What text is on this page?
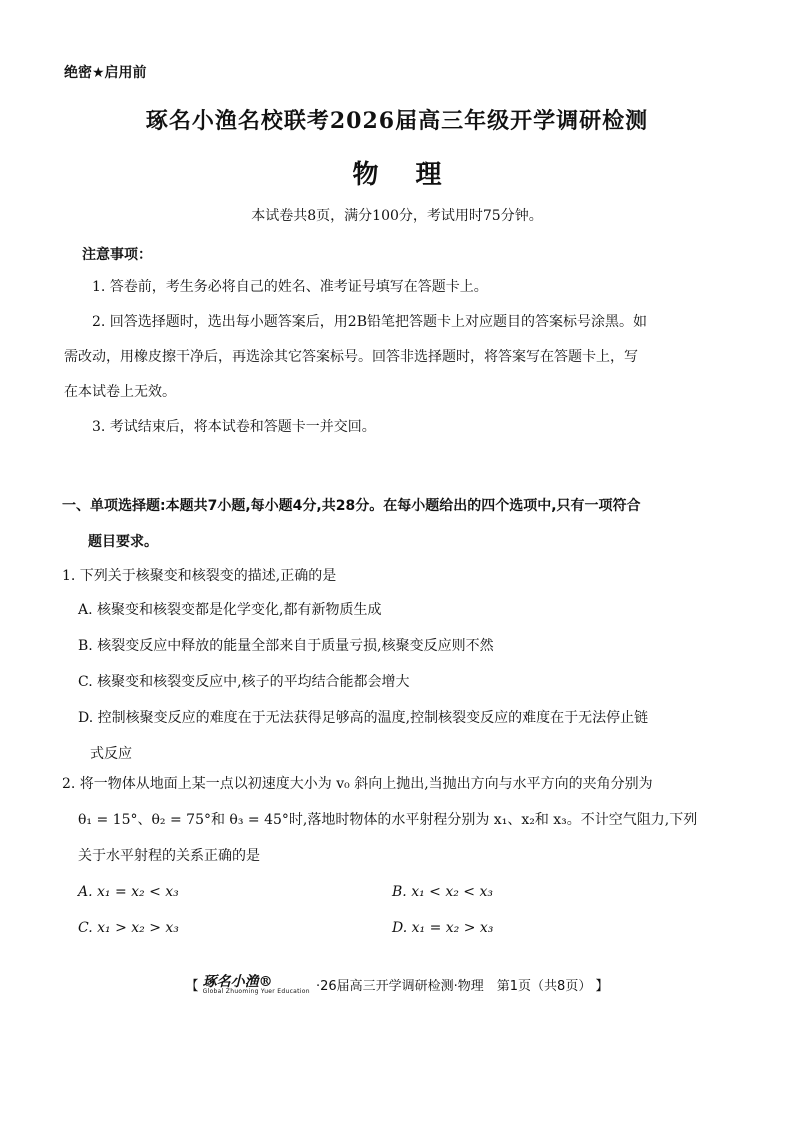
绝密★启用前
琢名小渔名校联考2026届高三年级开学调研检测
物 理
本试卷共8页，满分100分，考试用时75分钟。
注意事项：
1. 答卷前，考生务必将自己的姓名、准考证号填写在答题卡上。
2. 回答选择题时，选出每小题答案后，用2B铅笔把答题卡上对应题目的答案标号涂黑。如
需改动，用橡皮擦干净后，再选涂其它答案标号。回答非选择题时，将答案写在答题卡上，写
在本试卷上无效。
3. 考试结束后，将本试卷和答题卡一并交回。
一、单项选择题:本题共7小题,每小题4分,共28分。在每小题给出的四个选项中,只有一项符合
题目要求。
1. 下列关于核聚变和核裂变的描述,正确的是
A. 核聚变和核裂变都是化学变化,都有新物质生成
B. 核裂变反应中释放的能量全部来自于质量亏损,核聚变反应则不然
C. 核聚变和核裂变反应中,核子的平均结合能都会增大
D. 控制核聚变反应的难度在于无法获得足够高的温度,控制核裂变反应的难度在于无法停止链
式反应
2. 将一物体从地面上某一点以初速度大小为 v₀ 斜向上抛出,当抛出方向与水平方向的夹角分别为
θ₁ = 15°、θ₂ = 75°和 θ₃ = 45°时,落地时物体的水平射程分别为 x₁、x₂和 x₃。不计空气阻力,下列
关于水平射程的关系正确的是
A. x₁ = x₂ < x₃	B. x₁ < x₂ < x₃
C. x₁ > x₂ > x₃	D. x₁ = x₂ > x₃
【 琢名小渔®
Global Zhuoming Yuer Education ·26届高三开学调研检测·物理　第1页（共8页） 】
